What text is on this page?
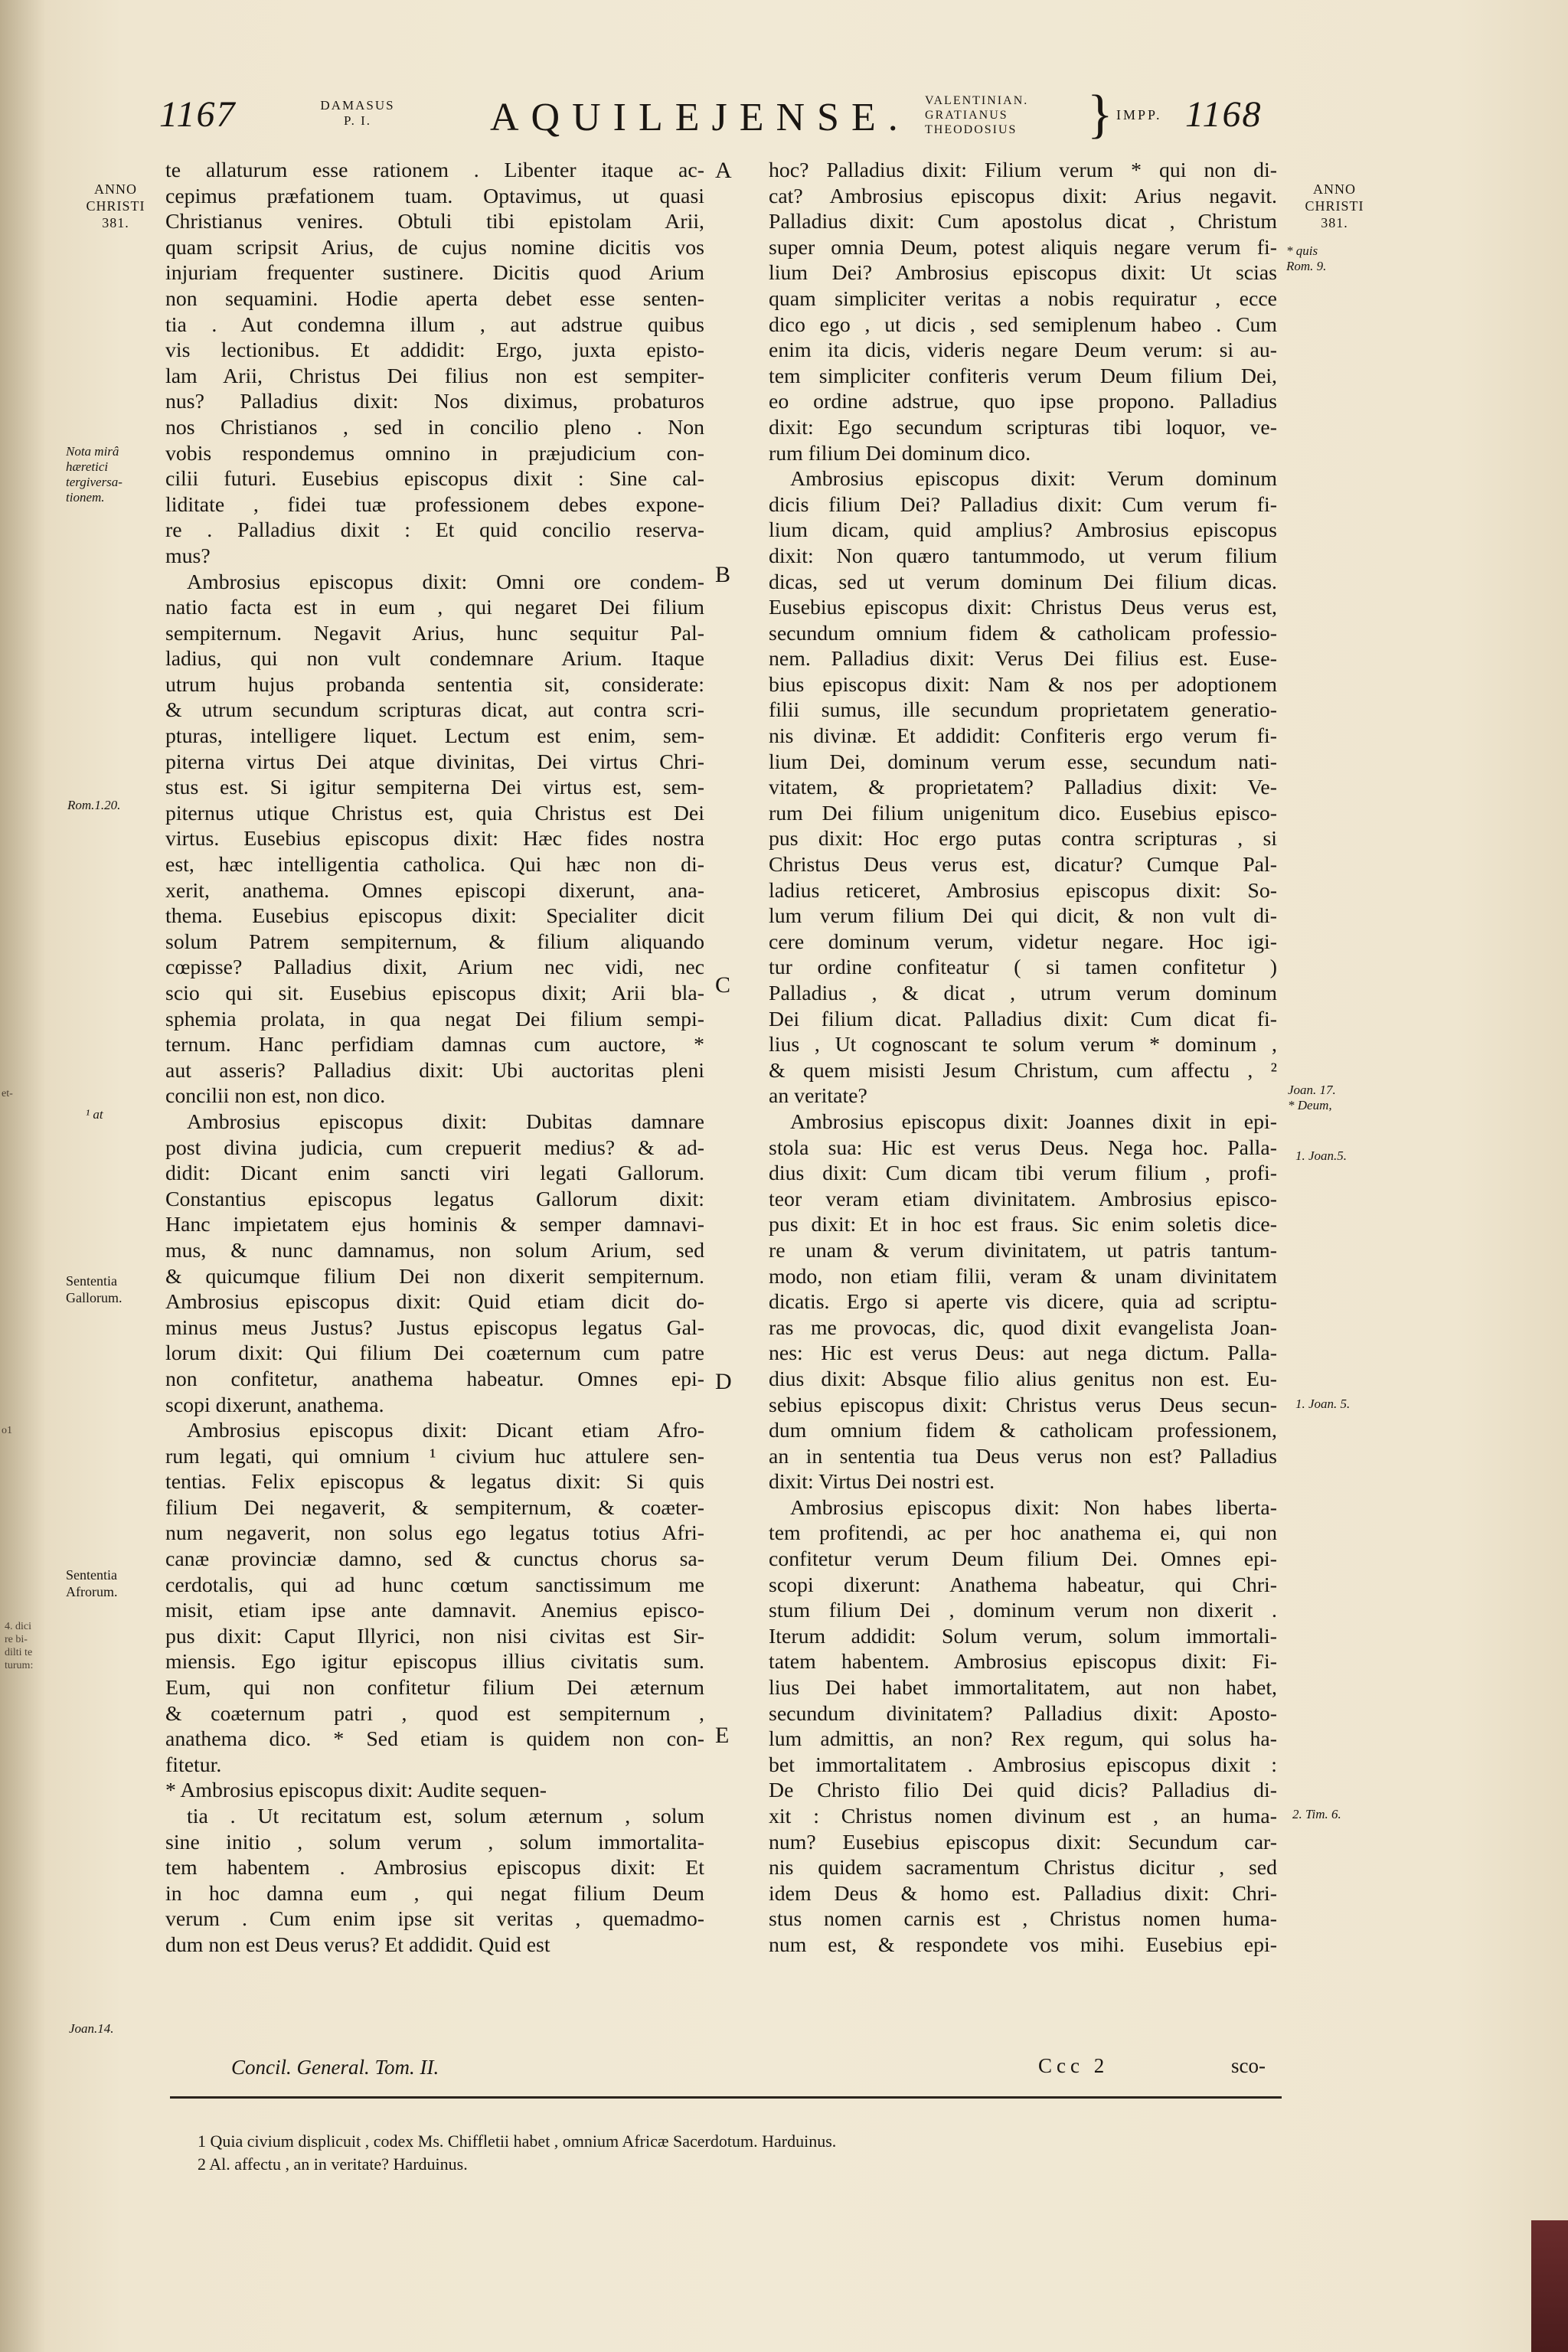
1167	DAMASUS
P. I.	AQUILEJENSE. VALENTINIAN.
GRATIANUS
THEODOSIUS } IMPP. 1168
et-
o1
4. dici
re bi-
dilti te
turum:
ANNO
CHRISTI
381.
Nota mirâ
hæretici
tergiversa-
tionem.
Rom.1.20.
¹ at
Sententia
Gallorum.
Sententia
Afrorum.
Joan.14.
A
B
C
D
E
te allaturum esse rationem . Libenter itaque ac-
cepimus præfationem tuam. Optavimus, ut quasi
Christianus venires. Obtuli tibi epistolam Arii,
quam scripsit Arius, de cujus nomine dicitis vos
injuriam frequenter sustinere. Dicitis quod Arium
non sequamini. Hodie aperta debet esse senten-
tia . Aut condemna illum , aut adstrue quibus
vis lectionibus. Et addidit: Ergo, juxta episto-
lam Arii, Christus Dei filius non est sempiter-
nus? Palladius dixit: Nos diximus, probaturos
nos Christianos , sed in concilio pleno . Non
vobis respondemus omnino in præjudicium con-
cilii futuri. Eusebius episcopus dixit : Sine cal-
liditate , fidei tuæ professionem debes expone-
re . Palladius dixit : Et quid concilio reserva-
mus?
Ambrosius episcopus dixit: Omni ore condem-
natio facta est in eum , qui negaret Dei filium
sempiternum. Negavit Arius, hunc sequitur Pal-
ladius, qui non vult condemnare Arium. Itaque
utrum hujus probanda sententia sit, considerate:
& utrum secundum scripturas dicat, aut contra scri-
pturas, intelligere liquet. Lectum est enim, sem-
piterna virtus Dei atque divinitas, Dei virtus Chri-
stus est. Si igitur sempiterna Dei virtus est, sem-
piternus utique Christus est, quia Christus est Dei
virtus. Eusebius episcopus dixit: Hæc fides nostra
est, hæc intelligentia catholica. Qui hæc non di-
xerit, anathema. Omnes episcopi dixerunt, ana-
thema. Eusebius episcopus dixit: Specialiter dicit
solum Patrem sempiternum, & filium aliquando
cœpisse? Palladius dixit, Arium nec vidi, nec
scio qui sit. Eusebius episcopus dixit; Arii bla-
sphemia prolata, in qua negat Dei filium sempi-
ternum. Hanc perfidiam damnas cum auctore, *
aut asseris? Palladius dixit: Ubi auctoritas pleni
concilii non est, non dico.
Ambrosius episcopus dixit: Dubitas damnare
post divina judicia, cum crepuerit medius? & ad-
didit: Dicant enim sancti viri legati Gallorum.
Constantius episcopus legatus Gallorum dixit:
Hanc impietatem ejus hominis & semper damnavi-
mus, & nunc damnamus, non solum Arium, sed
& quicumque filium Dei non dixerit sempiternum.
Ambrosius episcopus dixit: Quid etiam dicit do-
minus meus Justus? Justus episcopus legatus Gal-
lorum dixit: Qui filium Dei coæternum cum patre
non confitetur, anathema habeatur. Omnes epi-
scopi dixerunt, anathema.
Ambrosius episcopus dixit: Dicant etiam Afro-
rum legati, qui omnium ¹ civium huc attulere sen-
tentias. Felix episcopus & legatus dixit: Si quis
filium Dei negaverit, & sempiternum, & coæter-
num negaverit, non solus ego legatus totius Afri-
canæ provinciæ damno, sed & cunctus chorus sa-
cerdotalis, qui ad hunc cœtum sanctissimum me
misit, etiam ipse ante damnavit. Anemius episco-
pus dixit: Caput Illyrici, non nisi civitas est Sir-
miensis. Ego igitur episcopus illius civitatis sum.
Eum, qui non confitetur filium Dei æternum
& coæternum patri , quod est sempiternum ,
anathema dico. * Sed etiam is quidem non con-
fitetur.
* Ambrosius episcopus dixit: Audite sequen-
tia . Ut recitatum est, solum æternum , solum
sine initio , solum verum , solum immortalita-
tem habentem . Ambrosius episcopus dixit: Et
in hoc damna eum , qui negat filium Deum
verum . Cum enim ipse sit veritas , quemadmo-
dum non est Deus verus? Et addidit. Quid est
hoc? Palladius dixit: Filium verum * qui non di-
cat? Ambrosius episcopus dixit: Arius negavit.
Palladius dixit: Cum apostolus dicat , Christum
super omnia Deum, potest aliquis negare verum fi-
lium Dei? Ambrosius episcopus dixit: Ut scias
quam simpliciter veritas a nobis requiratur , ecce
dico ego , ut dicis , sed semiplenum habeo . Cum
enim ita dicis, videris negare Deum verum: si au-
tem simpliciter confiteris verum Deum filium Dei,
eo ordine adstrue, quo ipse propono. Palladius
dixit: Ego secundum scripturas tibi loquor, ve-
rum filium Dei dominum dico.
Ambrosius episcopus dixit: Verum dominum
dicis filium Dei? Palladius dixit: Cum verum fi-
lium dicam, quid amplius? Ambrosius episcopus
dixit: Non quæro tantummodo, ut verum filium
dicas, sed ut verum dominum Dei filium dicas.
Eusebius episcopus dixit: Christus Deus verus est,
secundum omnium fidem & catholicam professio-
nem. Palladius dixit: Verus Dei filius est. Euse-
bius episcopus dixit: Nam & nos per adoptionem
filii sumus, ille secundum proprietatem generatio-
nis divinæ. Et addidit: Confiteris ergo verum fi-
lium Dei, dominum verum esse, secundum nati-
vitatem, & proprietatem? Palladius dixit: Ve-
rum Dei filium unigenitum dico. Eusebius episco-
pus dixit: Hoc ergo putas contra scripturas , si
Christus Deus verus est, dicatur? Cumque Pal-
ladius reticeret, Ambrosius episcopus dixit: So-
lum verum filium Dei qui dicit, & non vult di-
cere dominum verum, videtur negare. Hoc igi-
tur ordine confiteatur ( si tamen confitetur )
Palladius , & dicat , utrum verum dominum
Dei filium dicat. Palladius dixit: Cum dicat fi-
lius , Ut cognoscant te solum verum * dominum ,
& quem misisti Jesum Christum, cum affectu , ²
an veritate?
Ambrosius episcopus dixit: Joannes dixit in epi-
stola sua: Hic est verus Deus. Nega hoc. Palla-
dius dixit: Cum dicam tibi verum filium , profi-
teor veram etiam divinitatem. Ambrosius episco-
pus dixit: Et in hoc est fraus. Sic enim soletis dice-
re unam & verum divinitatem, ut patris tantum-
modo, non etiam filii, veram & unam divinitatem
dicatis. Ergo si aperte vis dicere, quia ad scriptu-
ras me provocas, dic, quod dixit evangelista Joan-
nes: Hic est verus Deus: aut nega dictum. Palla-
dius dixit: Absque filio alius genitus non est. Eu-
sebius episcopus dixit: Christus verus Deus secun-
dum omnium fidem & catholicam professionem,
an in sententia tua Deus verus non est? Palladius
dixit: Virtus Dei nostri est.
Ambrosius episcopus dixit: Non habes liberta-
tem profitendi, ac per hoc anathema ei, qui non
confitetur verum Deum filium Dei. Omnes epi-
scopi dixerunt: Anathema habeatur, qui Chri-
stum filium Dei , dominum verum non dixerit .
Iterum addidit: Solum verum, solum immortali-
tatem habentem. Ambrosius episcopus dixit: Fi-
lius Dei habet immortalitatem, aut non habet,
secundum divinitatem? Palladius dixit: Aposto-
lum admittis, an non? Rex regum, qui solus ha-
bet immortalitatem . Ambrosius episcopus dixit :
De Christo filio Dei quid dicis? Palladius di-
xit : Christus nomen divinum est , an huma-
num? Eusebius episcopus dixit: Secundum car-
nis quidem sacramentum Christus dicitur , sed
idem Deus & homo est. Palladius dixit: Chri-
stus nomen carnis est , Christus nomen huma-
num est, & respondete vos mihi. Eusebius epi-
ANNO
CHRISTI
381.
* quis
Rom. 9.
Joan. 17.
* Deum,
1. Joan.5.
1. Joan. 5.
2. Tim. 6.
Concil. General. Tom. II.	Ccc 2	sco-
1 Quia civium displicuit , codex Ms. Chiffletii habet , omnium Africæ Sacerdotum. Harduinus.
2 Al. affectu , an in veritate? Harduinus.
